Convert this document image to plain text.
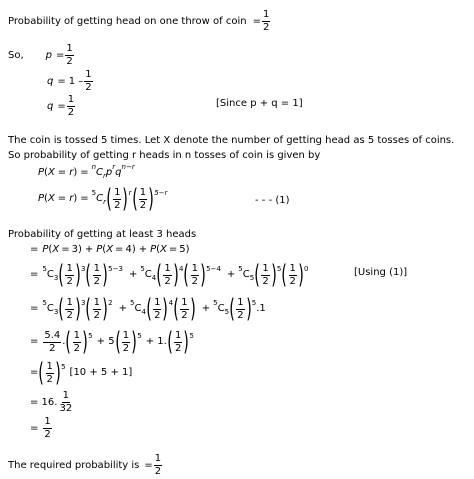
Probability of getting head on one throw of coin = $\frac{1}{2}$
So, $p = \frac{1}{2}$
$q = 1 - \frac{1}{2}$
$q = \frac{1}{2}$	[Since p + q = 1]
The coin is tossed 5 times. Let X denote the number of getting head as 5 tosses of coins.
So probability of getting r heads in n tosses of coin is given by
P ( X = r ) =
n
C r p
r
q
n−r
P ( X = r ) =
5
C r ( $\frac{1}{2}$ ) r ( $\frac{1}{2}$ ) 5−r
- - - (1)
Probability of getting at least 3 heads
= P ( X = 3 ) + P ( X = 4 ) + P ( X = 5 )
=
5
C 3 ( $\frac{1}{2}$ ) 3 ( $\frac{1}{2}$ ) 5−3
+
5
C 4 ( $\frac{1}{2}$ ) 4 ( $\frac{1}{2}$ ) 5−4
+
5
C 5 ( $\frac{1}{2}$ ) 5 ( $\frac{1}{2}$ ) 0	[Using (1)]
=
5
C 3 ( $\frac{1}{2}$ ) 3 ( $\frac{1}{2}$ ) 2
+
5
C 4 ( $\frac{1}{2}$ ) 4 ( $\frac{1}{2}$ ) +
5
C 5 ( $\frac{1}{2}$ ) 5
.1
= $\frac{5.4}{2}$ . ( $\frac{1}{2}$ ) 5
+ 5 ( $\frac{1}{2}$ ) 5
+ 1. ( $\frac{1}{2}$ ) 5
= ( $\frac{1}{2}$ ) 5
[10 + 5 + 1]
= 16. $\frac{1}{32}$
= $\frac{1}{2}$
The required probability is = $\frac{1}{2}$
